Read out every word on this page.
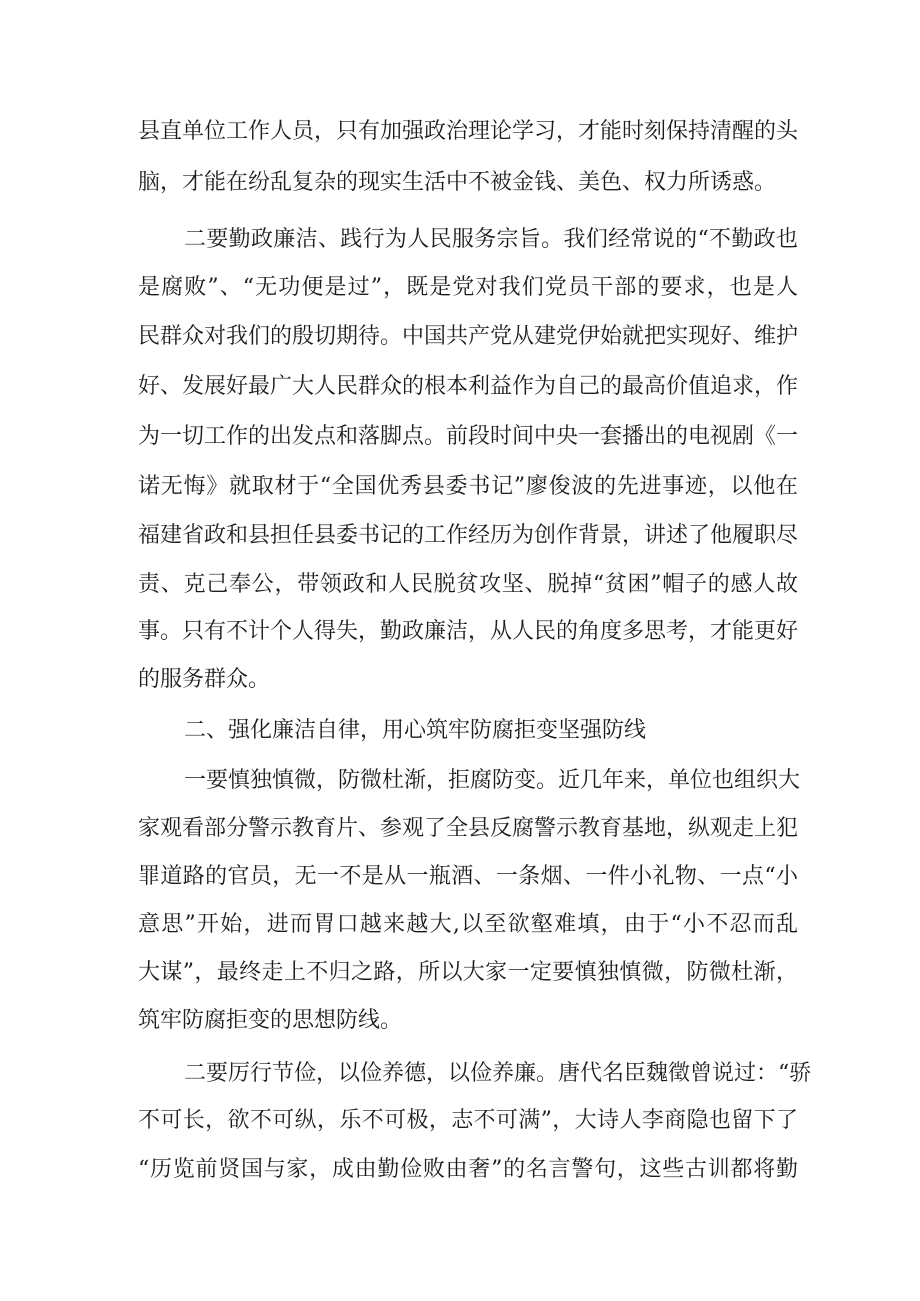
县直单位工作人员，只有加强政治理论学习，才能时刻保持清醒的头

脑，才能在纷乱复杂的现实生活中不被金钱、美色、权力所诱惑。

二要勤政廉洁、践行为人民服务宗旨。我们经常说的“不勤政也

是腐败”、“无功便是过”，既是党对我们党员干部的要求，也是人

民群众对我们的殷切期待。中国共产党从建党伊始就把实现好、维护

好、发展好最广大人民群众的根本利益作为自己的最高价值追求，作

为一切工作的出发点和落脚点。前段时间中央一套播出的电视剧《一

诺无悔》就取材于“全国优秀县委书记”廖俊波的先进事迹，以他在

福建省政和县担任县委书记的工作经历为创作背景，讲述了他履职尽

责、克己奉公，带领政和人民脱贫攻坚、脱掉“贫困”帽子的感人故

事。只有不计个人得失，勤政廉洁，从人民的角度多思考，才能更好

的服务群众。

二、强化廉洁自律，用心筑牢防腐拒变坚强防线

一要慎独慎微，防微杜渐，拒腐防变。近几年来，单位也组织大

家观看部分警示教育片、参观了全县反腐警示教育基地，纵观走上犯

罪道路的官员，无一不是从一瓶酒、一条烟、一件小礼物、一点“小

意思”开始，进而胃口越来越大,以至欲壑难填，由于“小不忍而乱

大谋”，最终走上不归之路，所以大家一定要慎独慎微，防微杜渐，

筑牢防腐拒变的思想防线。

二要厉行节俭，以俭养德，以俭养廉。唐代名臣魏徵曾说过：“骄

不可长，欲不可纵，乐不可极，志不可满”，大诗人李商隐也留下了

“历览前贤国与家，成由勤俭败由奢”的名言警句，这些古训都将勤
